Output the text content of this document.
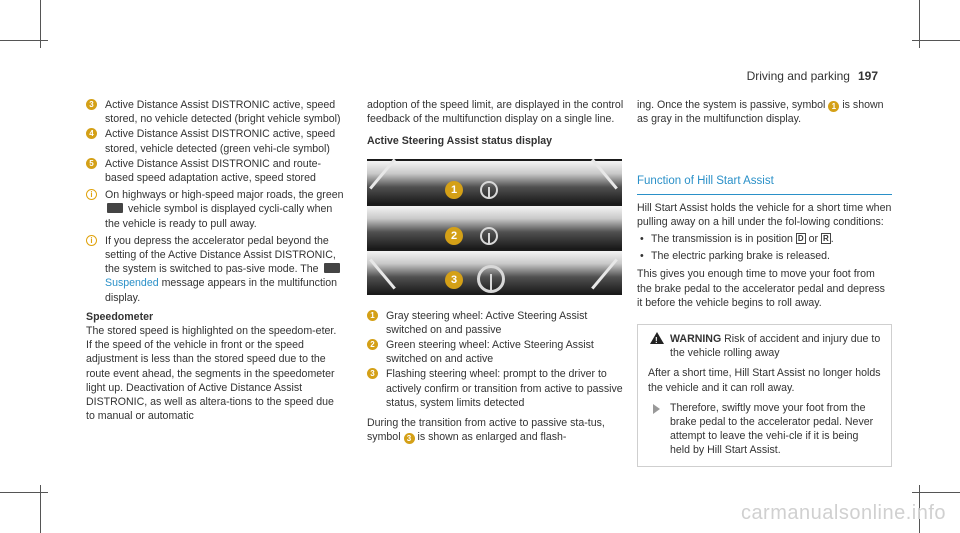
Driving and parking 197
3	Active Distance Assist DISTRONIC active, speed stored, no vehicle detected (bright vehicle symbol)
4	Active Distance Assist DISTRONIC active, speed stored, vehicle detected (green vehi-cle symbol)
5	Active Distance Assist DISTRONIC and route-based speed adaptation active, speed stored
i	On highways or high-speed major roads, the green  vehicle symbol is displayed cycli-cally when the vehicle is ready to pull away.
i	If you depress the accelerator pedal beyond the setting of the Active Distance Assist DISTRONIC, the system is switched to pas-sive mode. The  Suspended message appears in the multifunction display.
Speedometer
The stored speed is highlighted on the speedom-eter. If the speed of the vehicle in front or the speed adjustment is less than the stored speed due to the route event ahead, the segments in the speedometer light up. Deactivation of Active Distance Assist DISTRONIC, as well as altera-tions to the speed due to manual or automatic
adoption of the speed limit, are displayed in the control feedback of the multifunction display on a single line.
Active Steering Assist status display
1
2
3
1	Gray steering wheel: Active Steering Assist switched on and passive
2	Green steering wheel: Active Steering Assist switched on and active
3	Flashing steering wheel: prompt to the driver to actively confirm or transition from active to passive status, system limits detected
During the transition from active to passive sta-tus, symbol 3 is shown as enlarged and flash-
ing. Once the system is passive, symbol 1 is shown as gray in the multifunction display.
Function of Hill Start Assist
Hill Start Assist holds the vehicle for a short time when pulling away on a hill under the fol-lowing conditions:
• The transmission is in position D or R .
• The electric parking brake is released.
This gives you enough time to move your foot from the brake pedal to the accelerator pedal and depress it before the vehicle begins to roll away.
!
WARNING Risk of accident and injury due to the vehicle rolling away
After a short time, Hill Start Assist no longer holds the vehicle and it can roll away.
Therefore, swiftly move your foot from the brake pedal to the accelerator pedal. Never attempt to leave the vehi-cle if it is being held by Hill Start Assist.
carmanualsonline.info
